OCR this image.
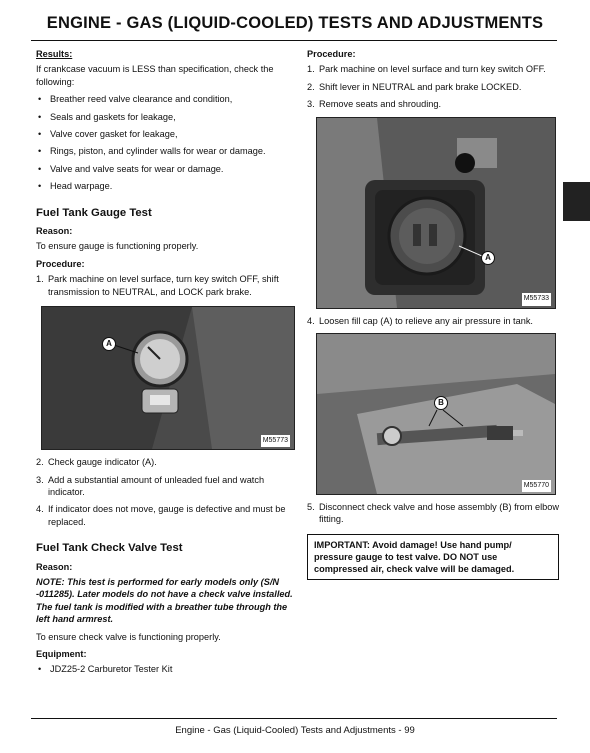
ENGINE - GAS (LIQUID-COOLED) TESTS AND ADJUSTMENTS
Results:

If crankcase vacuum is LESS than specification, check the following:

• Breather reed valve clearance and condition,
• Seals and gaskets for leakage,
• Valve cover gasket for leakage,
• Rings, piston, and cylinder walls for wear or damage.
• Valve and valve seats for wear or damage.
• Head warpage.
Fuel Tank Gauge Test
Reason:

To ensure gauge is functioning properly.

Procedure:
1. Park machine on level surface, turn key switch OFF, shift transmission to NEUTRAL, and LOCK park brake.
A
M55773
2. Check gauge indicator (A).
3. Add a substantial amount of unleaded fuel and watch indicator.
4. If indicator does not move, gauge is defective and must be replaced.
Fuel Tank Check Valve Test
Reason:

NOTE: This test is performed for early models only (S/N -011285). Later models do not have a check valve installed. The fuel tank is modified with a breather tube through the left hand armrest.

To ensure check valve is functioning properly.

Equipment:
• JDZ25-2 Carburetor Tester Kit
Procedure:
1. Park machine on level surface and turn key switch OFF.
2. Shift lever in NEUTRAL and park brake LOCKED.
3. Remove seats and shrouding.
A
M55733
4. Loosen fill cap (A) to relieve any air pressure in tank.
B
M55770
5. Disconnect check valve and hose assembly (B) from elbow fitting.
IMPORTANT: Avoid damage! Use hand pump/ pressure gauge to test valve. DO NOT use compressed air, check valve will be damaged.
Engine - Gas (Liquid-Cooled) Tests and Adjustments - 99
